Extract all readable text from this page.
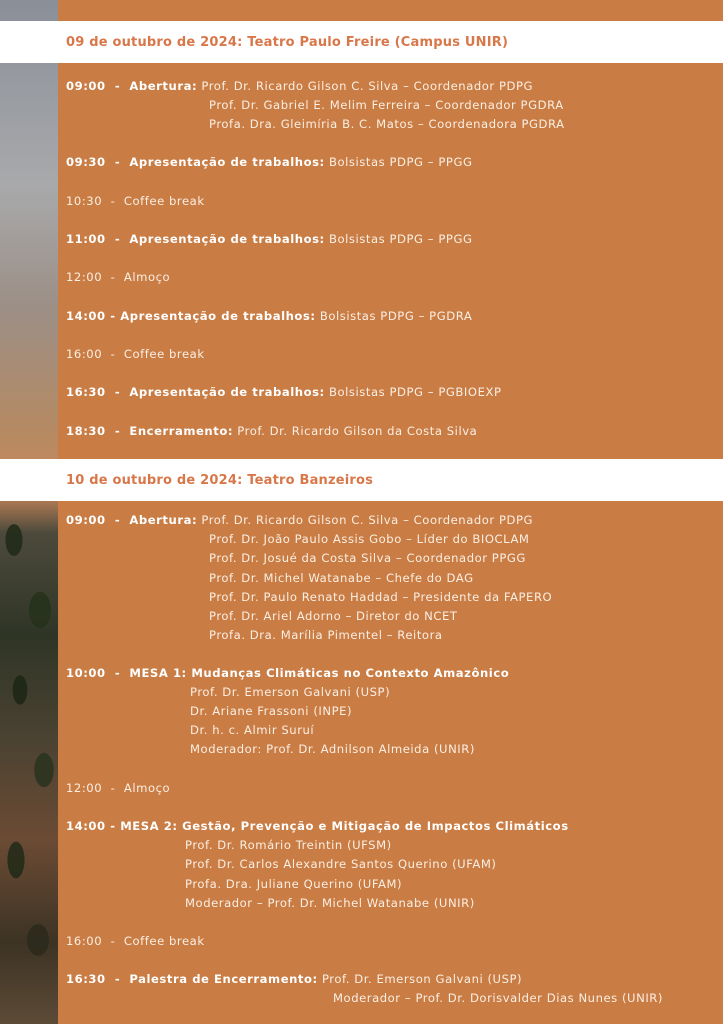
09 de outubro de 2024: Teatro Paulo Freire (Campus UNIR)
09:00  -  Abertura: Prof. Dr. Ricardo Gilson C. Silva – Coordenador PDPG
Prof. Dr. Gabriel E. Melim Ferreira – Coordenador PGDRA
Profa. Dra. Gleimíria B. C. Matos – Coordenadora PGDRA
09:30  -  Apresentação de trabalhos: Bolsistas PDPG – PPGG
10:30  -  Coffee break
11:00  -  Apresentação de trabalhos: Bolsistas PDPG – PPGG
12:00  -  Almoço
14:00 - Apresentação de trabalhos: Bolsistas PDPG – PGDRA
16:00  -  Coffee break
16:30  -  Apresentação de trabalhos: Bolsistas PDPG – PGBIOEXP
18:30  -  Encerramento: Prof. Dr. Ricardo Gilson da Costa Silva
10 de outubro de 2024: Teatro Banzeiros
09:00  -  Abertura: Prof. Dr. Ricardo Gilson C. Silva – Coordenador PDPG
Prof. Dr. João Paulo Assis Gobo – Líder do BIOCLAM
Prof. Dr. Josué da Costa Silva – Coordenador PPGG
Prof. Dr. Michel Watanabe – Chefe do DAG
Prof. Dr. Paulo Renato Haddad – Presidente da FAPERO
Prof. Dr. Ariel Adorno – Diretor do NCET
Profa. Dra. Marília Pimentel – Reitora
10:00  -  MESA 1: Mudanças Climáticas no Contexto Amazônico
Prof. Dr. Emerson Galvani (USP)
Dr. Ariane Frassoni (INPE)
Dr. h. c. Almir Suruí
Moderador: Prof. Dr. Adnilson Almeida (UNIR)
12:00  -  Almoço
14:00 - MESA 2: Gestão, Prevenção e Mitigação de Impactos Climáticos
Prof. Dr. Romário Treintin (UFSM)
Prof. Dr. Carlos Alexandre Santos Querino (UFAM)
Profa. Dra. Juliane Querino (UFAM)
Moderador – Prof. Dr. Michel Watanabe (UNIR)
16:00  -  Coffee break
16:30  -  Palestra de Encerramento: Prof. Dr. Emerson Galvani (USP)
Moderador – Prof. Dr. Dorisvalder Dias Nunes (UNIR)
